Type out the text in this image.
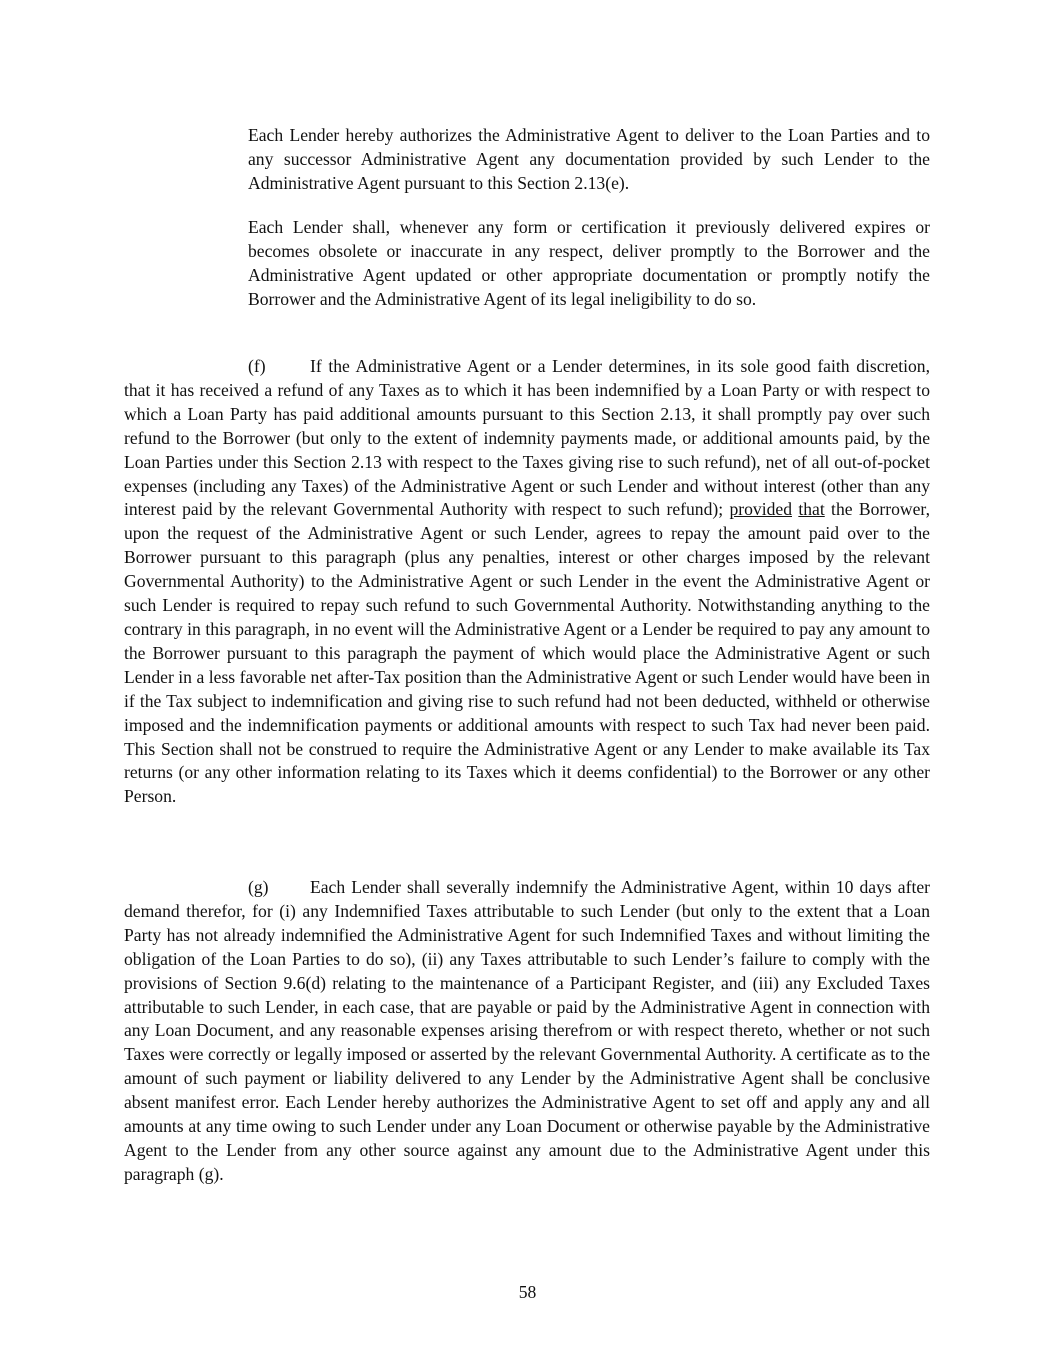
Each Lender hereby authorizes the Administrative Agent to deliver to the Loan Parties and to any successor Administrative Agent any documentation provided by such Lender to the Administrative Agent pursuant to this Section 2.13(e).

Each Lender shall, whenever any form or certification it previously delivered expires or becomes obsolete or inaccurate in any respect, deliver promptly to the Borrower and the Administrative Agent updated or other appropriate documentation or promptly notify the Borrower and the Administrative Agent of its legal ineligibility to do so.

(f)	If the Administrative Agent or a Lender determines, in its sole good faith discretion, that it has received a refund of any Taxes as to which it has been indemnified by a Loan Party or with respect to which a Loan Party has paid additional amounts pursuant to this Section 2.13, it shall promptly pay over such refund to the Borrower (but only to the extent of indemnity payments made, or additional amounts paid, by the Loan Parties under this Section 2.13 with respect to the Taxes giving rise to such refund), net of all out-of-pocket expenses (including any Taxes) of the Administrative Agent or such Lender and without interest (other than any interest paid by the relevant Governmental Authority with respect to such refund); provided that the Borrower, upon the request of the Administrative Agent or such Lender, agrees to repay the amount paid over to the Borrower pursuant to this paragraph (plus any penalties, interest or other charges imposed by the relevant Governmental Authority) to the Administrative Agent or such Lender in the event the Administrative Agent or such Lender is required to repay such refund to such Governmental Authority. Notwithstanding anything to the contrary in this paragraph, in no event will the Administrative Agent or a Lender be required to pay any amount to the Borrower pursuant to this paragraph the payment of which would place the Administrative Agent or such Lender in a less favorable net after-Tax position than the Administrative Agent or such Lender would have been in if the Tax subject to indemnification and giving rise to such refund had not been deducted, withheld or otherwise imposed and the indemnification payments or additional amounts with respect to such Tax had never been paid. This Section shall not be construed to require the Administrative Agent or any Lender to make available its Tax returns (or any other information relating to its Taxes which it deems confidential) to the Borrower or any other Person.

(g) Each Lender shall severally indemnify the Administrative Agent, within 10 days after demand therefor, for (i) any Indemnified Taxes attributable to such Lender (but only to the extent that a Loan Party has not already indemnified the Administrative Agent for such Indemnified Taxes and without limiting the obligation of the Loan Parties to do so), (ii) any Taxes attributable to such Lender’s failure to comply with the provisions of Section 9.6(d) relating to the maintenance of a Participant Register, and (iii) any Excluded Taxes attributable to such Lender, in each case, that are payable or paid by the Administrative Agent in connection with any Loan Document, and any reasonable expenses arising therefrom or with respect thereto, whether or not such Taxes were correctly or legally imposed or asserted by the relevant Governmental Authority. A certificate as to the amount of such payment or liability delivered to any Lender by the Administrative Agent shall be conclusive absent manifest error. Each Lender hereby authorizes the Administrative Agent to set off and apply any and all amounts at any time owing to such Lender under any Loan Document or otherwise payable by the Administrative Agent to the Lender from any other source against any amount due to the Administrative Agent under this paragraph (g).

58
